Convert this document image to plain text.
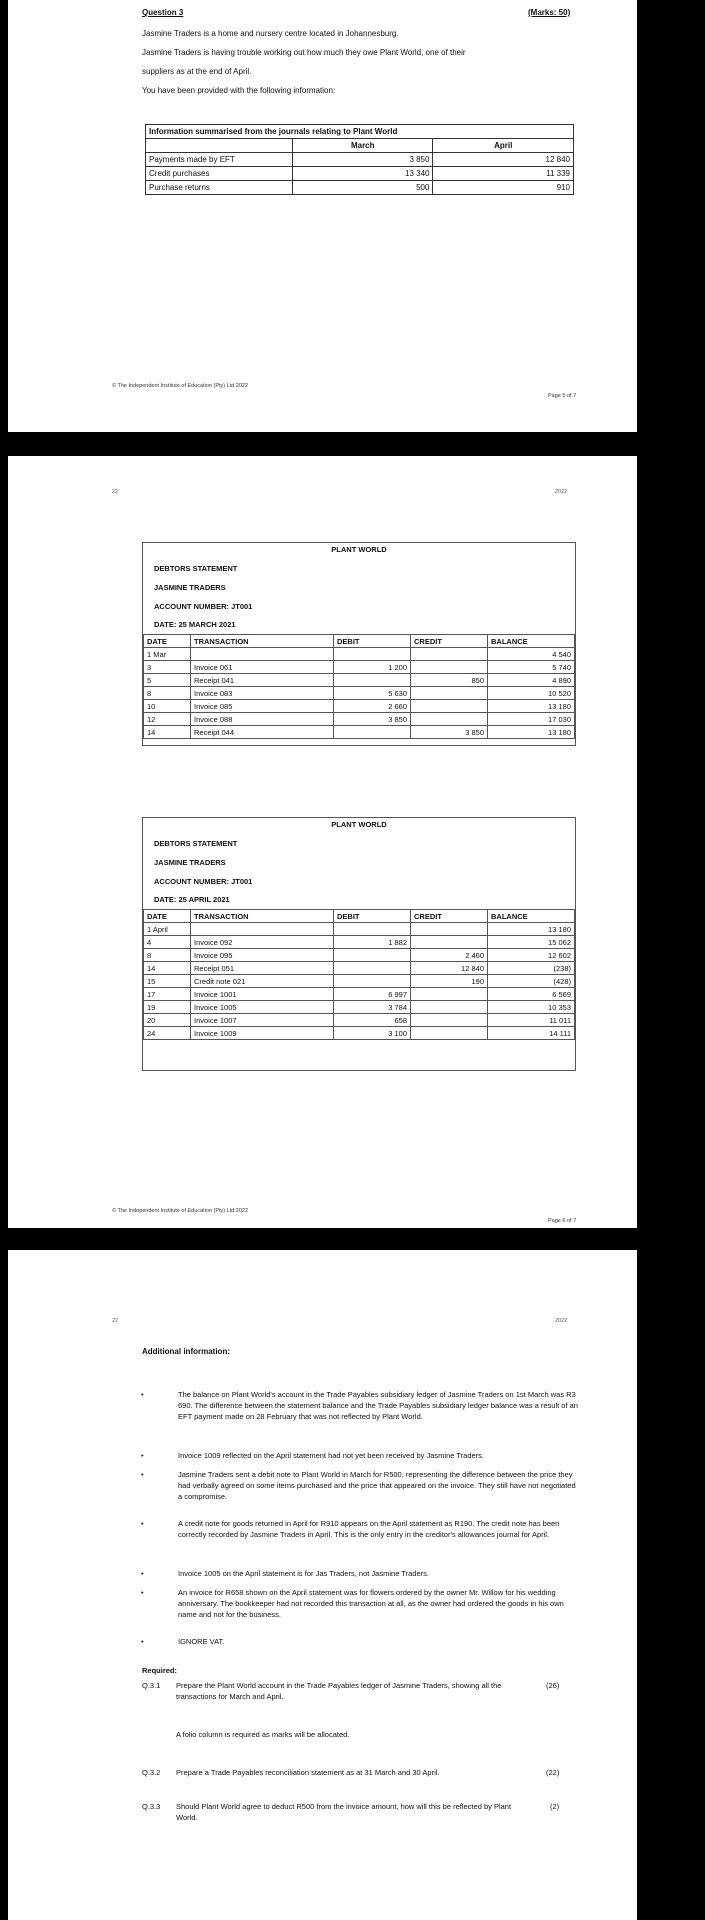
Question 3	(Marks: 50)
Jasmine Traders is a home and nursery centre located in Johannesburg.
Jasmine Traders is having trouble working out how much they owe Plant World, one of their
suppliers as at the end of April.
You have been provided with the following information:
Information summarised from the journals relating to Plant World		
	March	April
Payments made by EFT	3 850	12 840
Credit purchases	13 340	11 339
Purchase returns	500	910
© The Independent Institute of Education (Pty) Ltd 2022
Page 5 of 7
22	2022
PLANT WORLD
DEBTORS STATEMENT
JASMINE TRADERS
ACCOUNT NUMBER: JT001
DATE: 25 MARCH 2021
DATE	TRANSACTION	DEBIT	CREDIT	BALANCE
1 Mar				4 540
3	Invoice 061	1 200		5 740
5	Receipt 041		850	4 890
8	Invoice 083	5 630		10 520
10	Invoice 085	2 660		13 180
12	Invoice 088	3 850		17 030
14	Receipt 044		3 850	13 180
PLANT WORLD
DEBTORS STATEMENT
JASMINE TRADERS
ACCOUNT NUMBER: JT001
DATE: 25 APRIL 2021
DATE	TRANSACTION	DEBIT	CREDIT	BALANCE
1 April				13 180
4	Invoice 092	1 882		15 062
8	Invoice 095		2 460	12 602
14	Receipt 051		12 840	(238)
15	Credit note 021		190	(428)
17	Invoice 1001	6 997		6 569
19	Invoice 1005	3 784		10 353
20	Invoice 1007	658		11 011
24	Invoice 1009	3 100		14 111
© The Independent Institute of Education (Pty) Ltd 2022
Page 6 of 7
22	2022
Additional information:
•	The balance on Plant World's account in the Trade Payables subsidiary ledger of Jasmine Traders on 1st March was R3 690. The difference between the statement balance and the Trade Payables subsidiary ledger balance was a result of an EFT payment made on 28 February that was not reflected by Plant World.
•	Invoice 1009 reflected on the April statement had not yet been received by Jasmine Traders.
•	Jasmine Traders sent a debit note to Plant World in March for R500, representing the difference between the price they had verbally agreed on some items purchased and the price that appeared on the invoice. They still have not negotiated a compromise.
•	A credit note for goods returned in April for R910 appears on the April statement as R190. The credit note has been correctly recorded by Jasmine Traders in April. This is the only entry in the creditor's allowances journal for April.
•	Invoice 1005 on the April statement is for Jas Traders, not Jasmine Traders.
•	An invoice for R658 shown on the April statement was for flowers ordered by the owner Mr. Willow for his wedding anniversary. The bookkeeper had not recorded this transaction at all, as the owner had ordered the goods in his own name and not for the business.
•	IGNORE VAT.
Required:
Q.3.1 Prepare the Plant World account in the Trade Payables ledger of Jasmine Traders, showing all the transactions for March and April.
(26)
A folio column is required as marks will be allocated.
Q.3.2 Prepare a Trade Payables reconciliation statement as at 31 March and 30 April.	(22)
Q.3.3 Should Plant World agree to deduct R500 from the invoice amount, how will this be reflected by Plant World.
(2)
